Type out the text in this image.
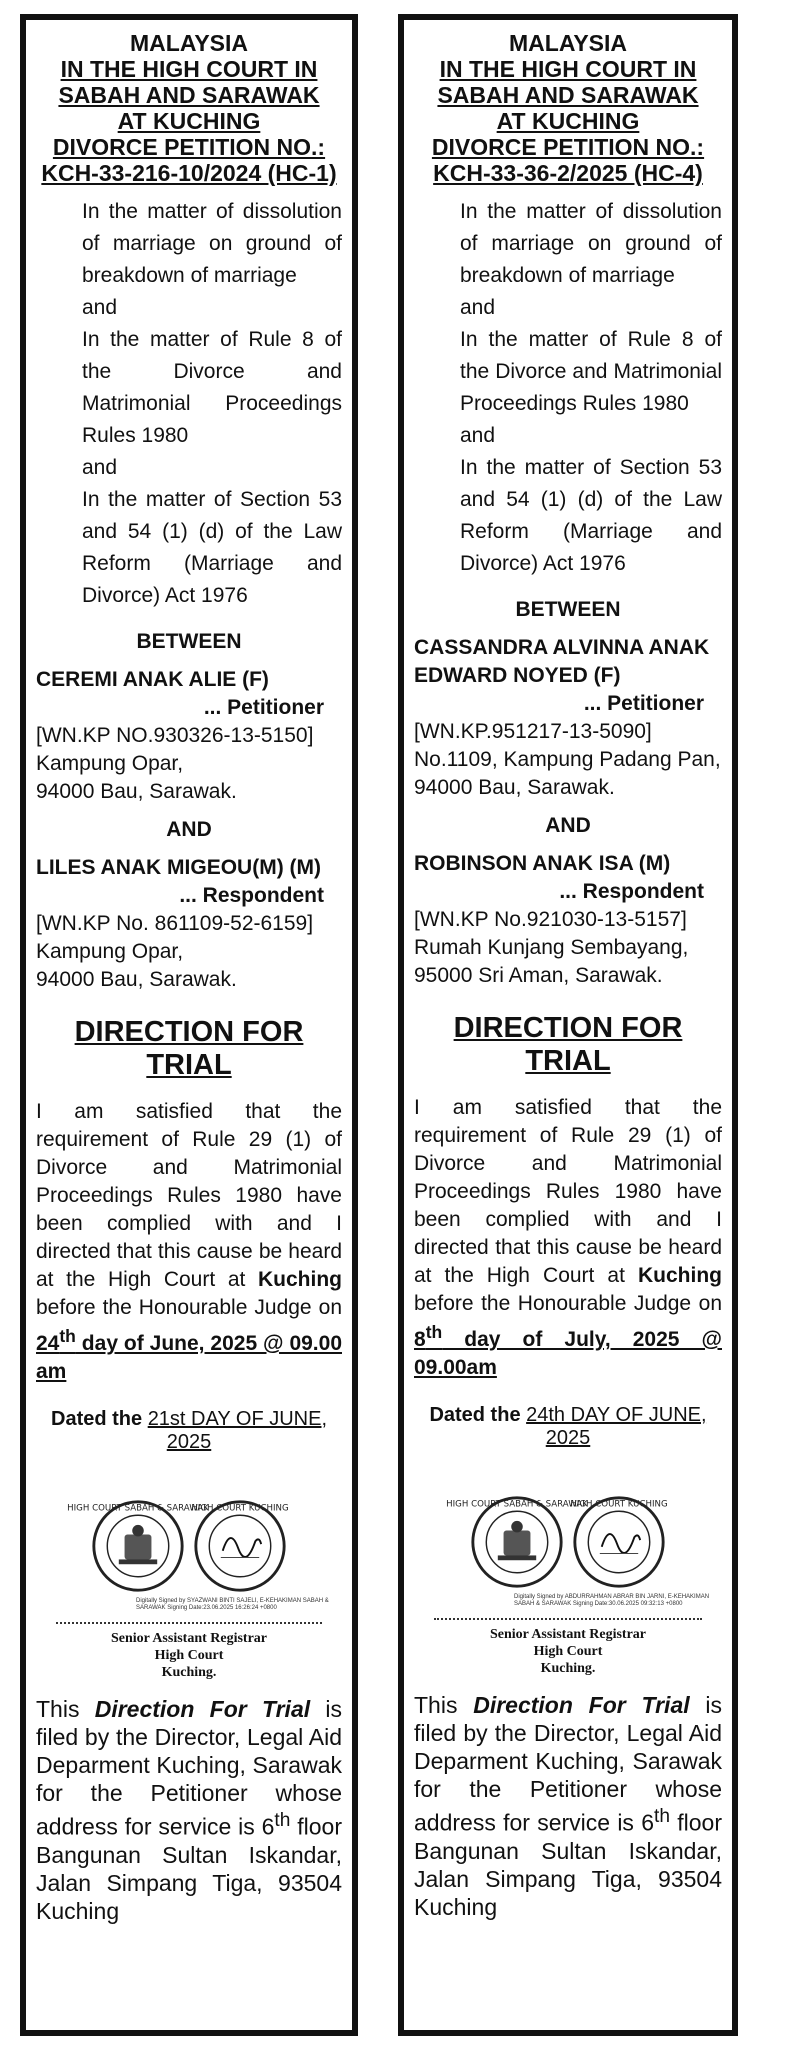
MALAYSIA
IN THE HIGH COURT IN
SABAH AND SARAWAK
AT KUCHING
DIVORCE PETITION NO.:
KCH-33-216-10/2024 (HC-1)
In the matter of dissolution of marriage on ground of breakdown of marriage
and
In the matter of Rule 8 of the Divorce and Matrimonial Proceedings Rules 1980
and
In the matter of Section 53 and 54 (1) (d) of the Law Reform (Marriage and Divorce) Act 1976
BETWEEN
CEREMI ANAK ALIE (F)
... Petitioner
[WN.KP NO.930326-13-5150]
Kampung Opar,
94000 Bau, Sarawak.
AND
LILES ANAK MIGEOU(M) (M)
... Respondent
[WN.KP No. 861109-52-6159]
Kampung Opar,
94000 Bau, Sarawak.
DIRECTION FOR TRIAL
I am satisfied that the requirement of Rule 29 (1) of Divorce and Matrimonial Proceedings Rules 1980 have been complied with and I directed that this cause be heard at the High Court at Kuching before the Honourable Judge on 24th day of June, 2025 @ 09.00 am
Dated the 21st DAY OF JUNE, 2025
HIGH COURT SABAH & SARAWAK
HIGH COURT KUCHING
Digitally Signed by SYAZWANI BINTI SAJELI, E-KEHAKIMAN SABAH & SARAWAK Signing Date:23.06.2025 16:26:24 +0800
Senior Assistant Registrar
High Court
Kuching.
This Direction For Trial is filed by the Director, Legal Aid Deparment Kuching, Sarawak for the Petitioner whose address for service is 6th floor Bangunan Sultan Iskandar, Jalan Simpang Tiga, 93504 Kuching
MALAYSIA
IN THE HIGH COURT IN
SABAH AND SARAWAK
AT KUCHING
DIVORCE PETITION NO.:
KCH-33-36-2/2025 (HC-4)
In the matter of dissolution of marriage on ground of breakdown of marriage
and
In the matter of Rule 8 of the Divorce and Matrimonial Proceedings Rules 1980
and
In the matter of Section 53 and 54 (1) (d) of the Law Reform (Marriage and Divorce) Act 1976
BETWEEN
CASSANDRA ALVINNA ANAK EDWARD NOYED (F)
... Petitioner
[WN.KP.951217-13-5090]
No.1109, Kampung Padang Pan,
94000 Bau, Sarawak.
AND
ROBINSON ANAK ISA (M)
... Respondent
[WN.KP No.921030-13-5157]
Rumah Kunjang Sembayang,
95000 Sri Aman, Sarawak.
DIRECTION FOR TRIAL
I am satisfied that the requirement of Rule 29 (1) of Divorce and Matrimonial Proceedings Rules 1980 have been complied with and I directed that this cause be heard at the High Court at Kuching before the Honourable Judge on 8th day of July, 2025 @ 09.00am
Dated the 24th DAY OF JUNE, 2025
HIGH COURT SABAH & SARAWAK
HIGH COURT KUCHING
Digitally Signed by ABDURRAHMAN ABRAR BIN JARNI, E-KEHAKIMAN SABAH & SARAWAK Signing Date:30.06.2025 09:32:13 +0800
Senior Assistant Registrar
High Court
Kuching.
This Direction For Trial is filed by the Director, Legal Aid Deparment Kuching, Sarawak for the Petitioner whose address for service is 6th floor Bangunan Sultan Iskandar, Jalan Simpang Tiga, 93504 Kuching
